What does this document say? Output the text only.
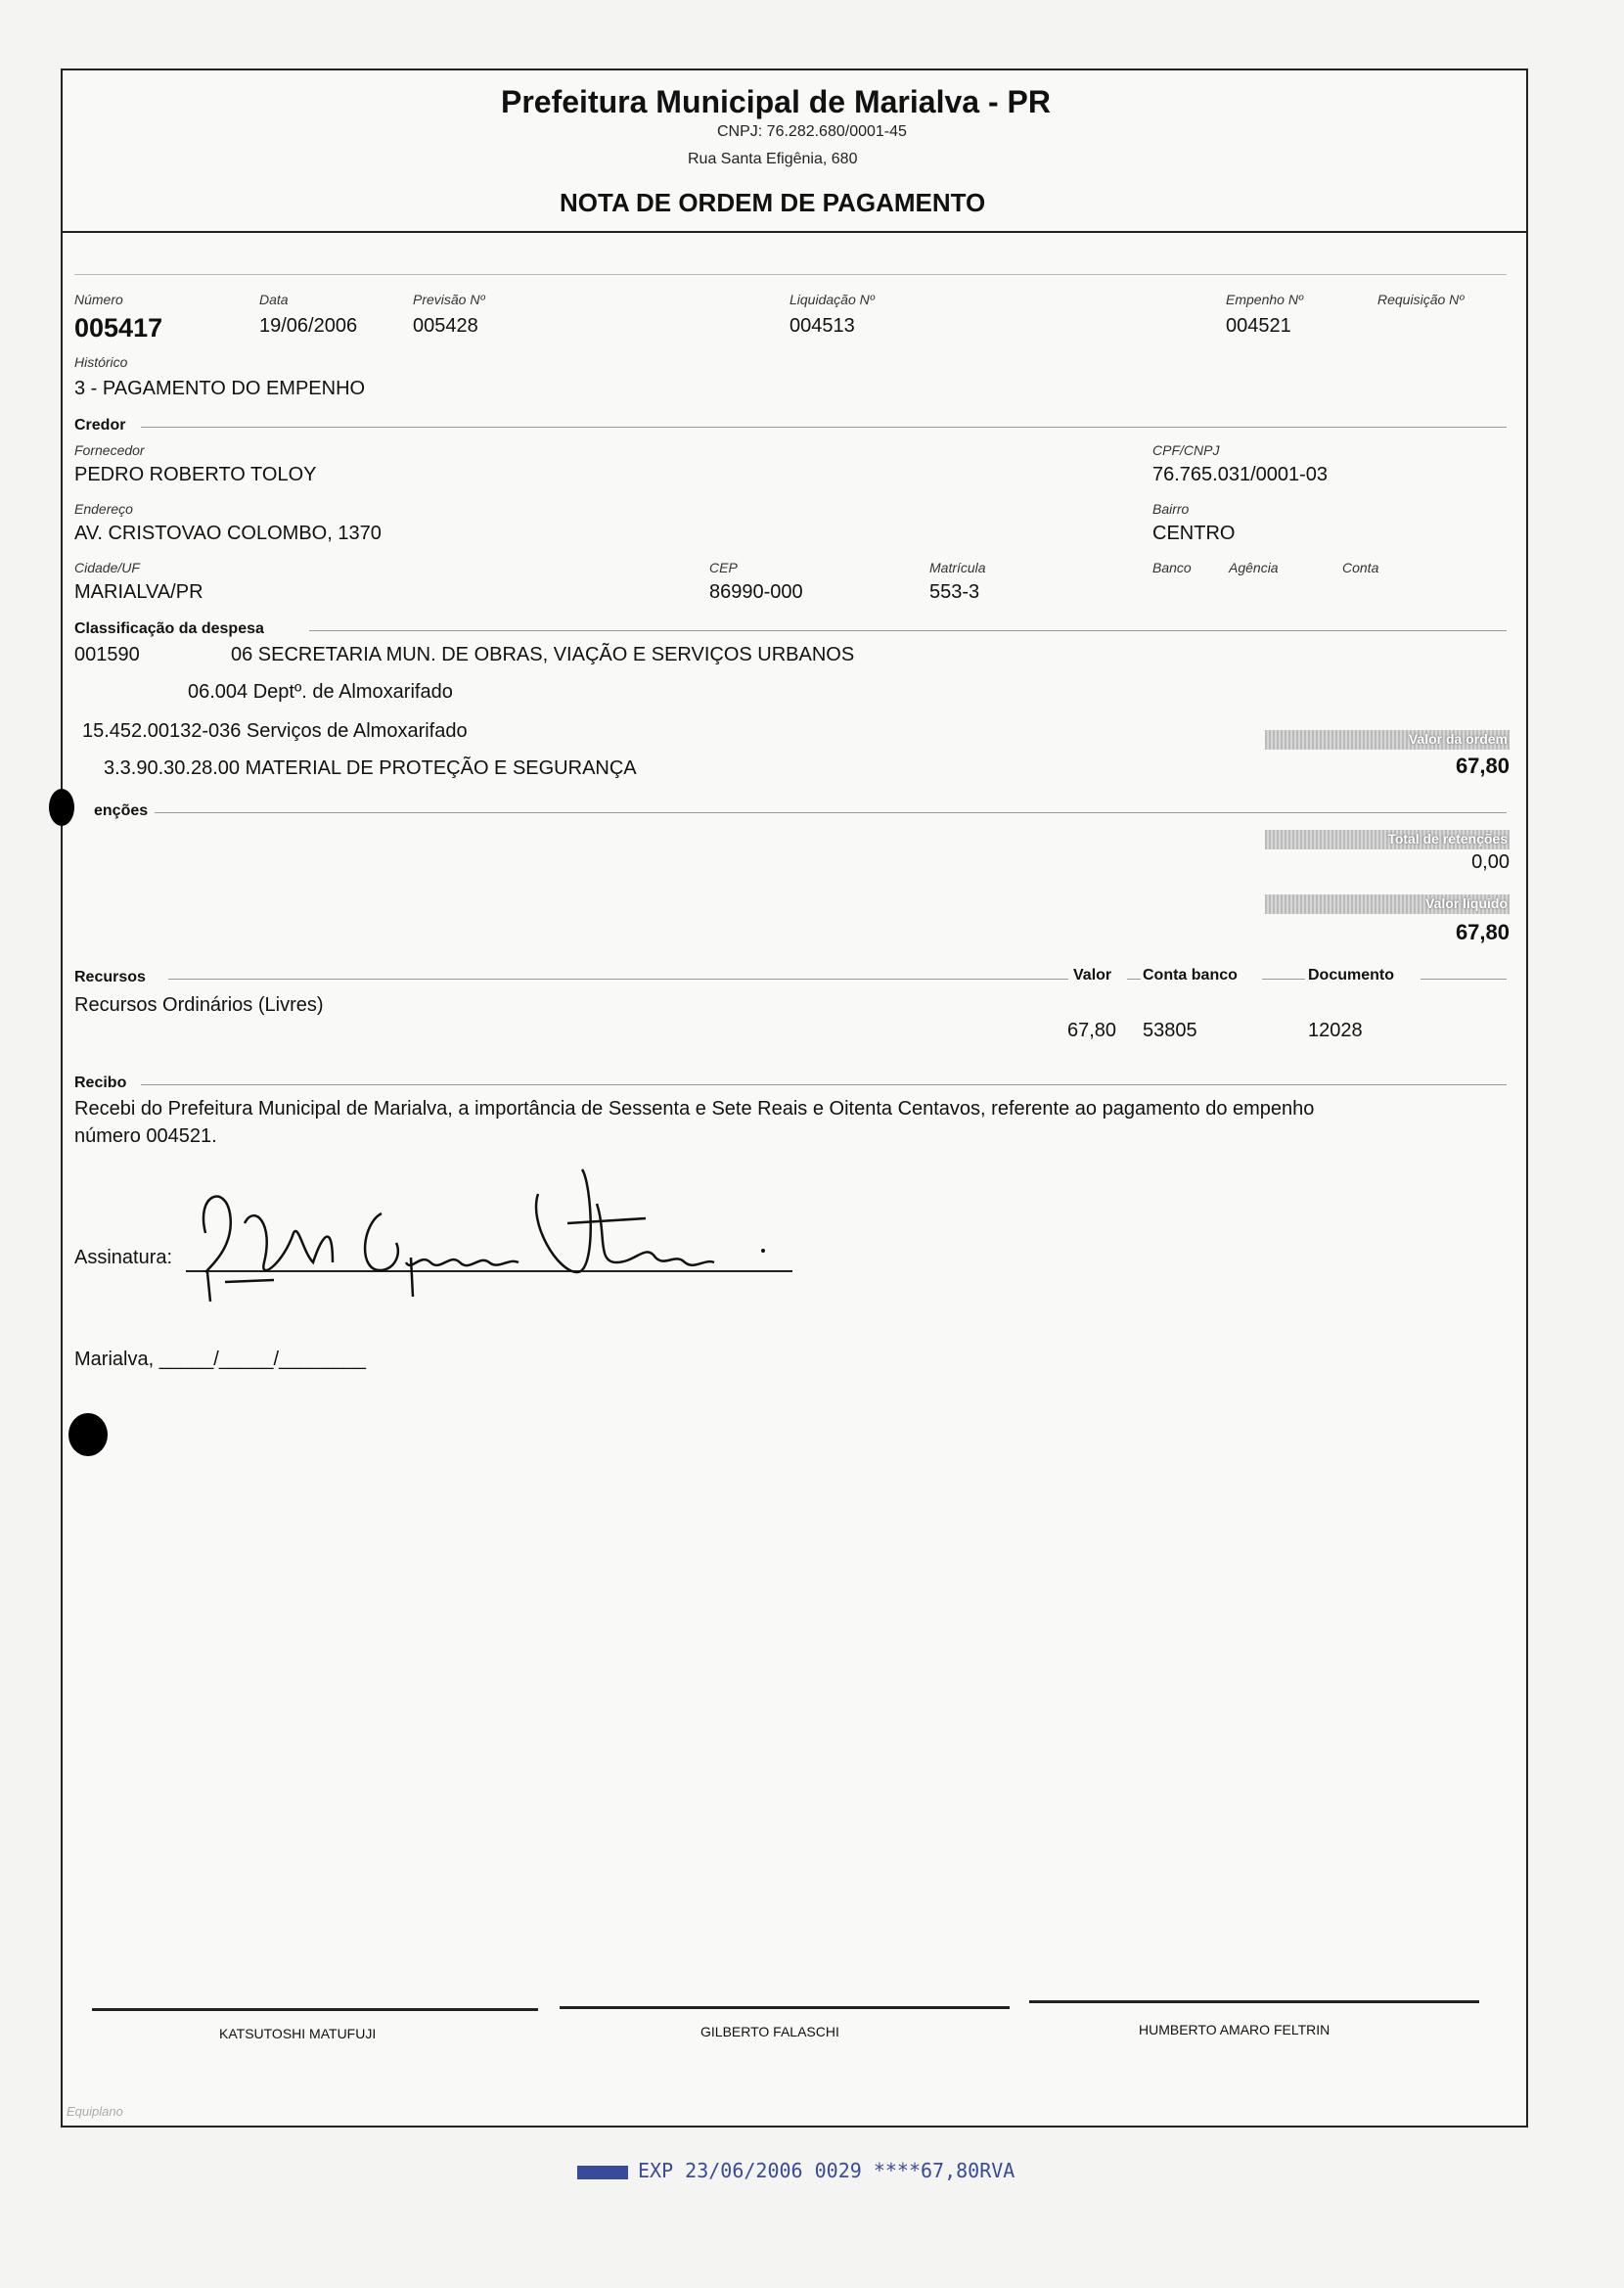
Prefeitura Municipal de Marialva - PR
CNPJ: 76.282.680/0001-45
Rua Santa Efigênia, 680
NOTA DE ORDEM DE PAGAMENTO
Número
005417
Data
19/06/2006
Previsão Nº
005428
Liquidação Nº
004513
Empenho Nº
004521
Requisição Nº
Histórico
3 - PAGAMENTO DO EMPENHO
Credor
Fornecedor
PEDRO ROBERTO TOLOY
CPF/CNPJ
76.765.031/0001-03
Endereço
AV. CRISTOVAO COLOMBO, 1370
Bairro
CENTRO
Cidade/UF
MARIALVA/PR
CEP
86990-000
Matrícula
553-3
Banco	Agência	Conta
Classificação da despesa
001590	06 SECRETARIA MUN. DE OBRAS, VIAÇÃO E SERVIÇOS URBANOS
06.004 Deptº. de Almoxarifado
15.452.00132-036 Serviços de Almoxarifado
3.3.90.30.28.00 MATERIAL DE PROTEÇÃO E SEGURANÇA
Valor da ordem
67,80
enções
Total de retenções
0,00
Valor líquido
67,80
Recursos	Valor Conta banco	Documento
Recursos Ordinários (Livres)
67,80 53805	12028
Recibo
Recebi do Prefeitura Municipal de Marialva, a importância de Sessenta e Sete Reais e Oitenta Centavos, referente ao pagamento do empenho
número 004521.
Assinatura:
Marialva, _____/_____/________
KATSUTOSHI MATUFUJI	GILBERTO FALASCHI	HUMBERTO AMARO FELTRIN
Equiplano
EXP 23/06/2006 0029 ****67,80RVA
